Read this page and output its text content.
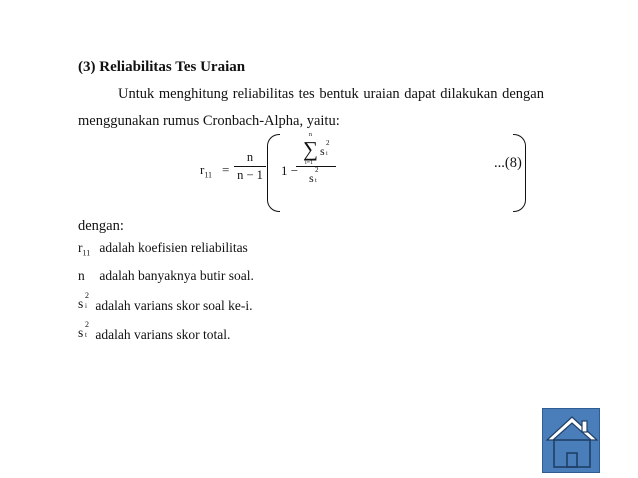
(3) Reliabilitas Tes Uraian
Untuk menghitung reliabilitas tes bentuk uraian dapat dilakukan dengan
menggunakan rumus Cronbach-Alpha, yaitu:
$r_{11}$ =
n
n − 1 1 −
n
∑
i=1
s
2
i
s
2
t
...(8)
dengan:
$r_{11}$ adalah koefisien reliabilitas
n adalah banyaknya butir soal.
s
2
i adalah varians skor soal ke-i.
s
2
t adalah varians skor total.
